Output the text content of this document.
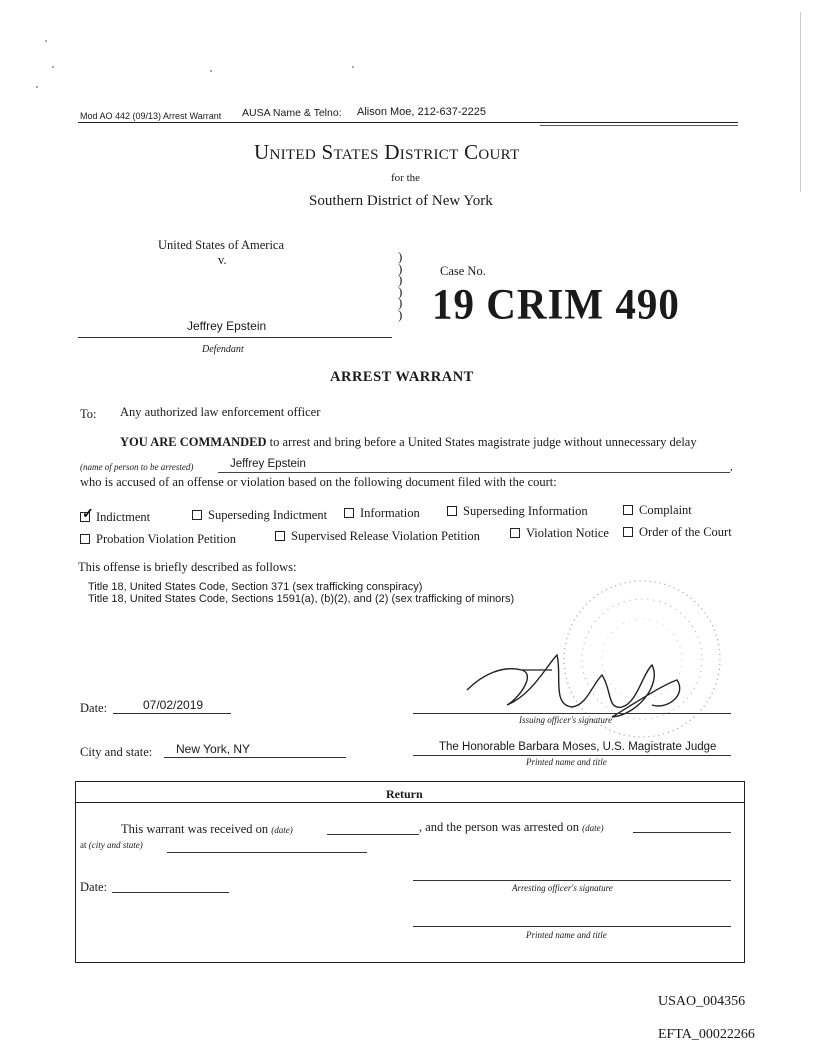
Mod AO 442 (09/13) Arrest Warrant AUSA Name & Telno: Alison Moe, 212-637-2225
United States District Court
for the
Southern District of New York
United States of America
v.	)
)
)
)
)
)
Jeffrey Epstein
Defendant
Case No.
19 CRIM 490
ARREST WARRANT
To: Any authorized law enforcement officer
YOU ARE COMMANDED to arrest and bring before a United States magistrate judge without unnecessary delay
(name of person to be arrested)	Jeffrey Epstein	,
who is accused of an offense or violation based on the following document filed with the court:
✓Indictment	Superseding Indictment	Information	Superseding Information	Complaint
Probation Violation Petition	Supervised Release Violation Petition	Violation Notice	Order of the Court
This offense is briefly described as follows:
Title 18, United States Code, Section 371 (sex trafficking conspiracy)
Title 18, United States Code, Sections 1591(a), (b)(2), and (2) (sex trafficking of minors)
Date:	07/02/2019
Issuing officer's signature
City and state: New York, NY	The Honorable Barbara Moses, U.S. Magistrate Judge
Printed name and title
Return
This warrant was received on (date)	, and the person was arrested on (date)
at (city and state)
Date:	Arresting officer's signature
Printed name and title
USAO_004356
EFTA_00022266
